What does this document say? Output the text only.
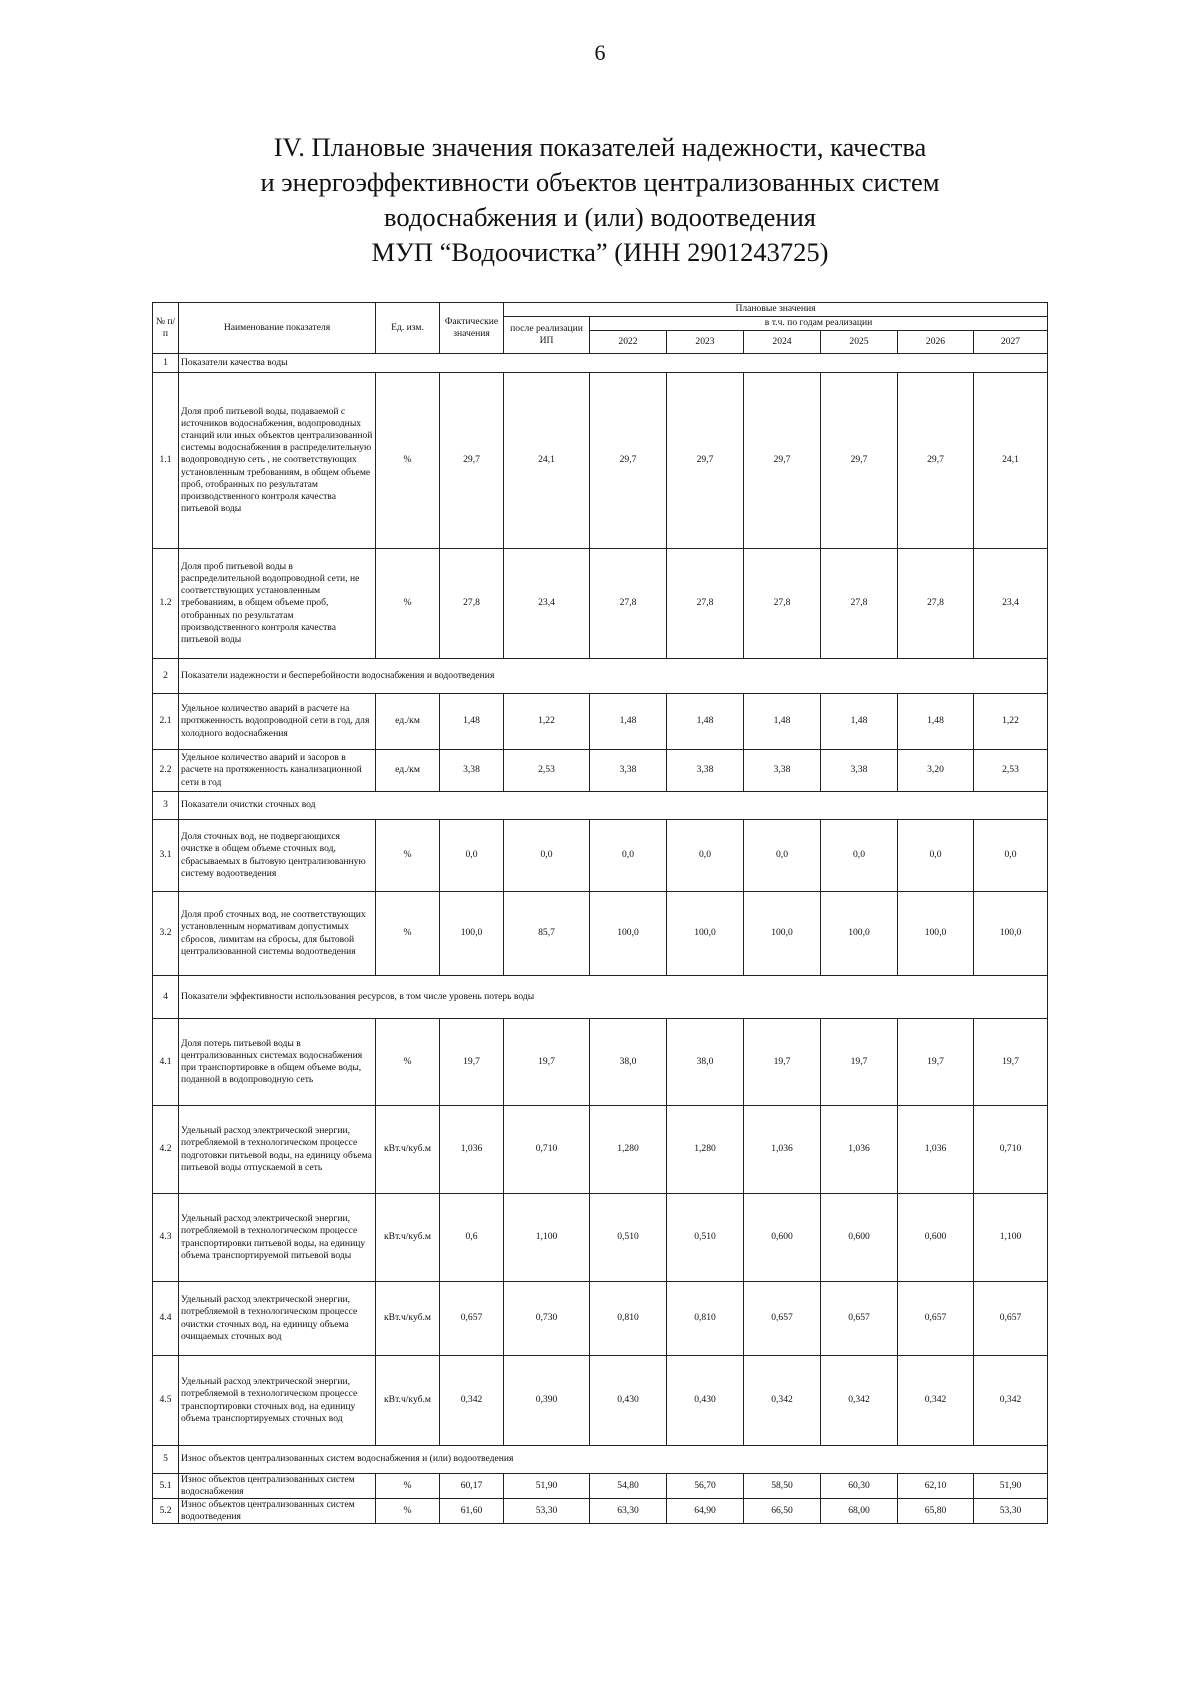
6
IV. Плановые значения показателей надежности, качества
и энергоэффективности объектов централизованных систем
водоснабжения и (или) водоотведения
МУП “Водоочистка” (ИНН 2901243725)
№ п/п	Наименование показателя	Ед. изм.	Фактические значения	Плановые значения						
				после реализации ИП	в т.ч. по годам реализации					
					2022	2023	2024	2025	2026	2027
1	Показатели качества воды									
1.1	Доля проб питьевой воды, подаваемой с источников водоснабжения, водопроводных станций или иных объектов централизованной системы водоснабжения в распределительную водопроводную сеть , не соответствующих установленным требованиям, в общем объеме проб, отобранных по результатам производственного контроля качества питьевой воды	%	29,7	24,1	29,7	29,7	29,7	29,7	29,7	24,1
1.2	Доля проб питьевой воды в распределительной водопроводной сети, не соответствующих установленным требованиям, в общем объеме проб, отобранных по результатам производственного контроля качества питьевой воды	%	27,8	23,4	27,8	27,8	27,8	27,8	27,8	23,4
2	Показатели надежности и бесперебойности водоснабжения и водоотведения									
2.1	Удельное количество аварий в расчете на протяженность водопроводной сети в год, для холодного водоснабжения	ед./км	1,48	1,22	1,48	1,48	1,48	1,48	1,48	1,22
2.2	Удельное количество аварий и засоров в расчете на протяженность канализационной сети в год	ед./км	3,38	2,53	3,38	3,38	3,38	3,38	3,20	2,53
3	Показатели очистки сточных вод									
3.1	Доля сточных вод, не подвергающихся очистке в общем объеме сточных вод, сбрасываемых в бытовую централизованную систему водоотведения	%	0,0	0,0	0,0	0,0	0,0	0,0	0,0	0,0
3.2	Доля проб сточных вод, не соответствующих установленным нормативам допустимых сбросов, лимитам на сбросы, для бытовой централизованной системы водоотведения	%	100,0	85,7	100,0	100,0	100,0	100,0	100,0	100,0
4	Показатели эффективности использования ресурсов, в том числе уровень потерь воды									
4.1	Доля потерь питьевой воды в централизованных системах водоснабжения при транспортировке в общем объеме воды, поданной в водопроводную сеть	%	19,7	19,7	38,0	38,0	19,7	19,7	19,7	19,7
4.2	Удельный расход электрической энергии, потребляемой в технологическом процессе подготовки питьевой воды, на единицу объема питьевой воды отпускаемой в сеть	кВт.ч/куб.м	1,036	0,710	1,280	1,280	1,036	1,036	1,036	0,710
4.3	Удельный расход электрической энергии, потребляемой в технологическом процессе транспортировки питьевой воды, на единицу объема транспортируемой питьевой воды	кВт.ч/куб.м	0,6	1,100	0,510	0,510	0,600	0,600	0,600	1,100
4.4	Удельный расход электрической энергии, потребляемой в технологическом процессе очистки сточных вод, на единицу объема очищаемых сточных вод	кВт.ч/куб.м	0,657	0,730	0,810	0,810	0,657	0,657	0,657	0,657
4.5	Удельный расход электрической энергии, потребляемой в технологическом процессе транспортировки сточных вод, на единицу объема транспортируемых сточных вод	кВт.ч/куб.м	0,342	0,390	0,430	0,430	0,342	0,342	0,342	0,342
5	Износ объектов централизованных систем водоснабжения и (или) водоотведения									
5.1	Износ объектов централизованных систем водоснабжения	%	60,17	51,90	54,80	56,70	58,50	60,30	62,10	51,90
5.2	Износ объектов централизованных систем водоотведения	%	61,60	53,30	63,30	64,90	66,50	68,00	65,80	53,30
